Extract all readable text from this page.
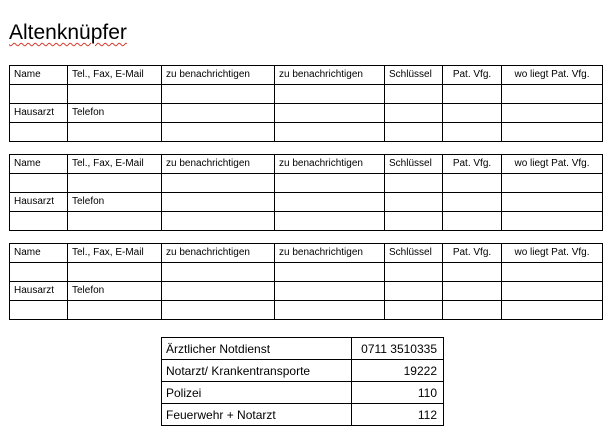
Altenknüpfer
Name	Tel., Fax, E-Mail	zu benachrichtigen	zu benachrichtigen	Schlüssel	Pat. Vfg.	wo liegt Pat. Vfg.

Hausarzt	Telefon					

Name	Tel., Fax, E-Mail	zu benachrichtigen	zu benachrichtigen	Schlüssel	Pat. Vfg.	wo liegt Pat. Vfg.

Hausarzt	Telefon					

Name	Tel., Fax, E-Mail	zu benachrichtigen	zu benachrichtigen	Schlüssel	Pat. Vfg.	wo liegt Pat. Vfg.

Hausarzt	Telefon					

Ärztlicher Notdienst	0711 3510335
Notarzt/ Krankentransporte	19222
Polizei	110
Feuerwehr + Notarzt	112
